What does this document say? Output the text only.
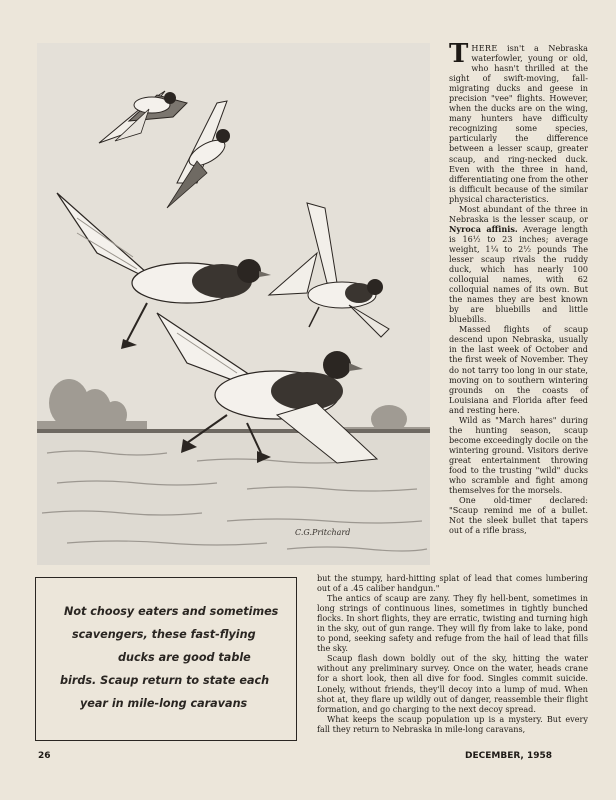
C.G.Pritchard
Not choosy eaters and sometimes
scavengers, these fast-flying
ducks are good table
birds. Scaup return to state each
year in mile-long caravans

THERE isn't a Nebraska waterfowler, young or old, who hasn't thrilled at the sight of swift-moving, fall-migrating ducks and geese in precision "vee" flights. However, when the ducks are on the wing, many hunters have difficulty recognizing some species, particularly the difference between a lesser scaup, greater scaup, and ring-necked duck. Even with the three in hand, differentiating one from the other is difficult because of the similar physical characteristics.

Most abundant of the three in Nebraska is the lesser scaup, or Nyroca affinis. Average length is 16½ to 23 inches; average weight, 1¼ to 2½ pounds The lesser scaup rivals the ruddy duck, which has nearly 100 colloquial names, with 62 colloquial names of its own. But the names they are best known by are bluebills and little bluebills.

Massed flights of scaup descend upon Nebraska, usually in the last week of October and the first week of November. They do not tarry too long in our state, moving on to southern wintering grounds on the coasts of Louisiana and Florida after feed and resting here.

Wild as "March hares" during the hunting season, scaup become exceedingly docile on the wintering ground. Visitors derive great entertainment throwing food to the trusting "wild" ducks who scramble and fight among themselves for the morsels.

One old-timer declared: "Scaup remind me of a bullet. Not the sleek bullet that tapers out of a rifle brass,

but the stumpy, hard-hitting splat of lead that comes lumbering out of a .45 caliber handgun."

The antics of scaup are zany. They fly hell-bent, sometimes in long strings of continuous lines, sometimes in tightly bunched flocks. In short flights, they are erratic, twisting and turning high in the sky, out of gun range. They will fly from lake to lake, pond to pond, seeking safety and refuge from the hail of lead that fills the sky.

Scaup flash down boldly out of the sky, hitting the water without any preliminary survey. Once on the water, heads crane for a short look, then all dive for food. Singles commit suicide. Lonely, without friends, they'll decoy into a lump of mud. When shot at, they flare up wildly out of danger, reassemble their flight formation, and go charging to the next decoy spread.

What keeps the scaup population up is a mystery. But every fall they return to Nebraska in mile-long caravans,

26	DECEMBER, 1958
